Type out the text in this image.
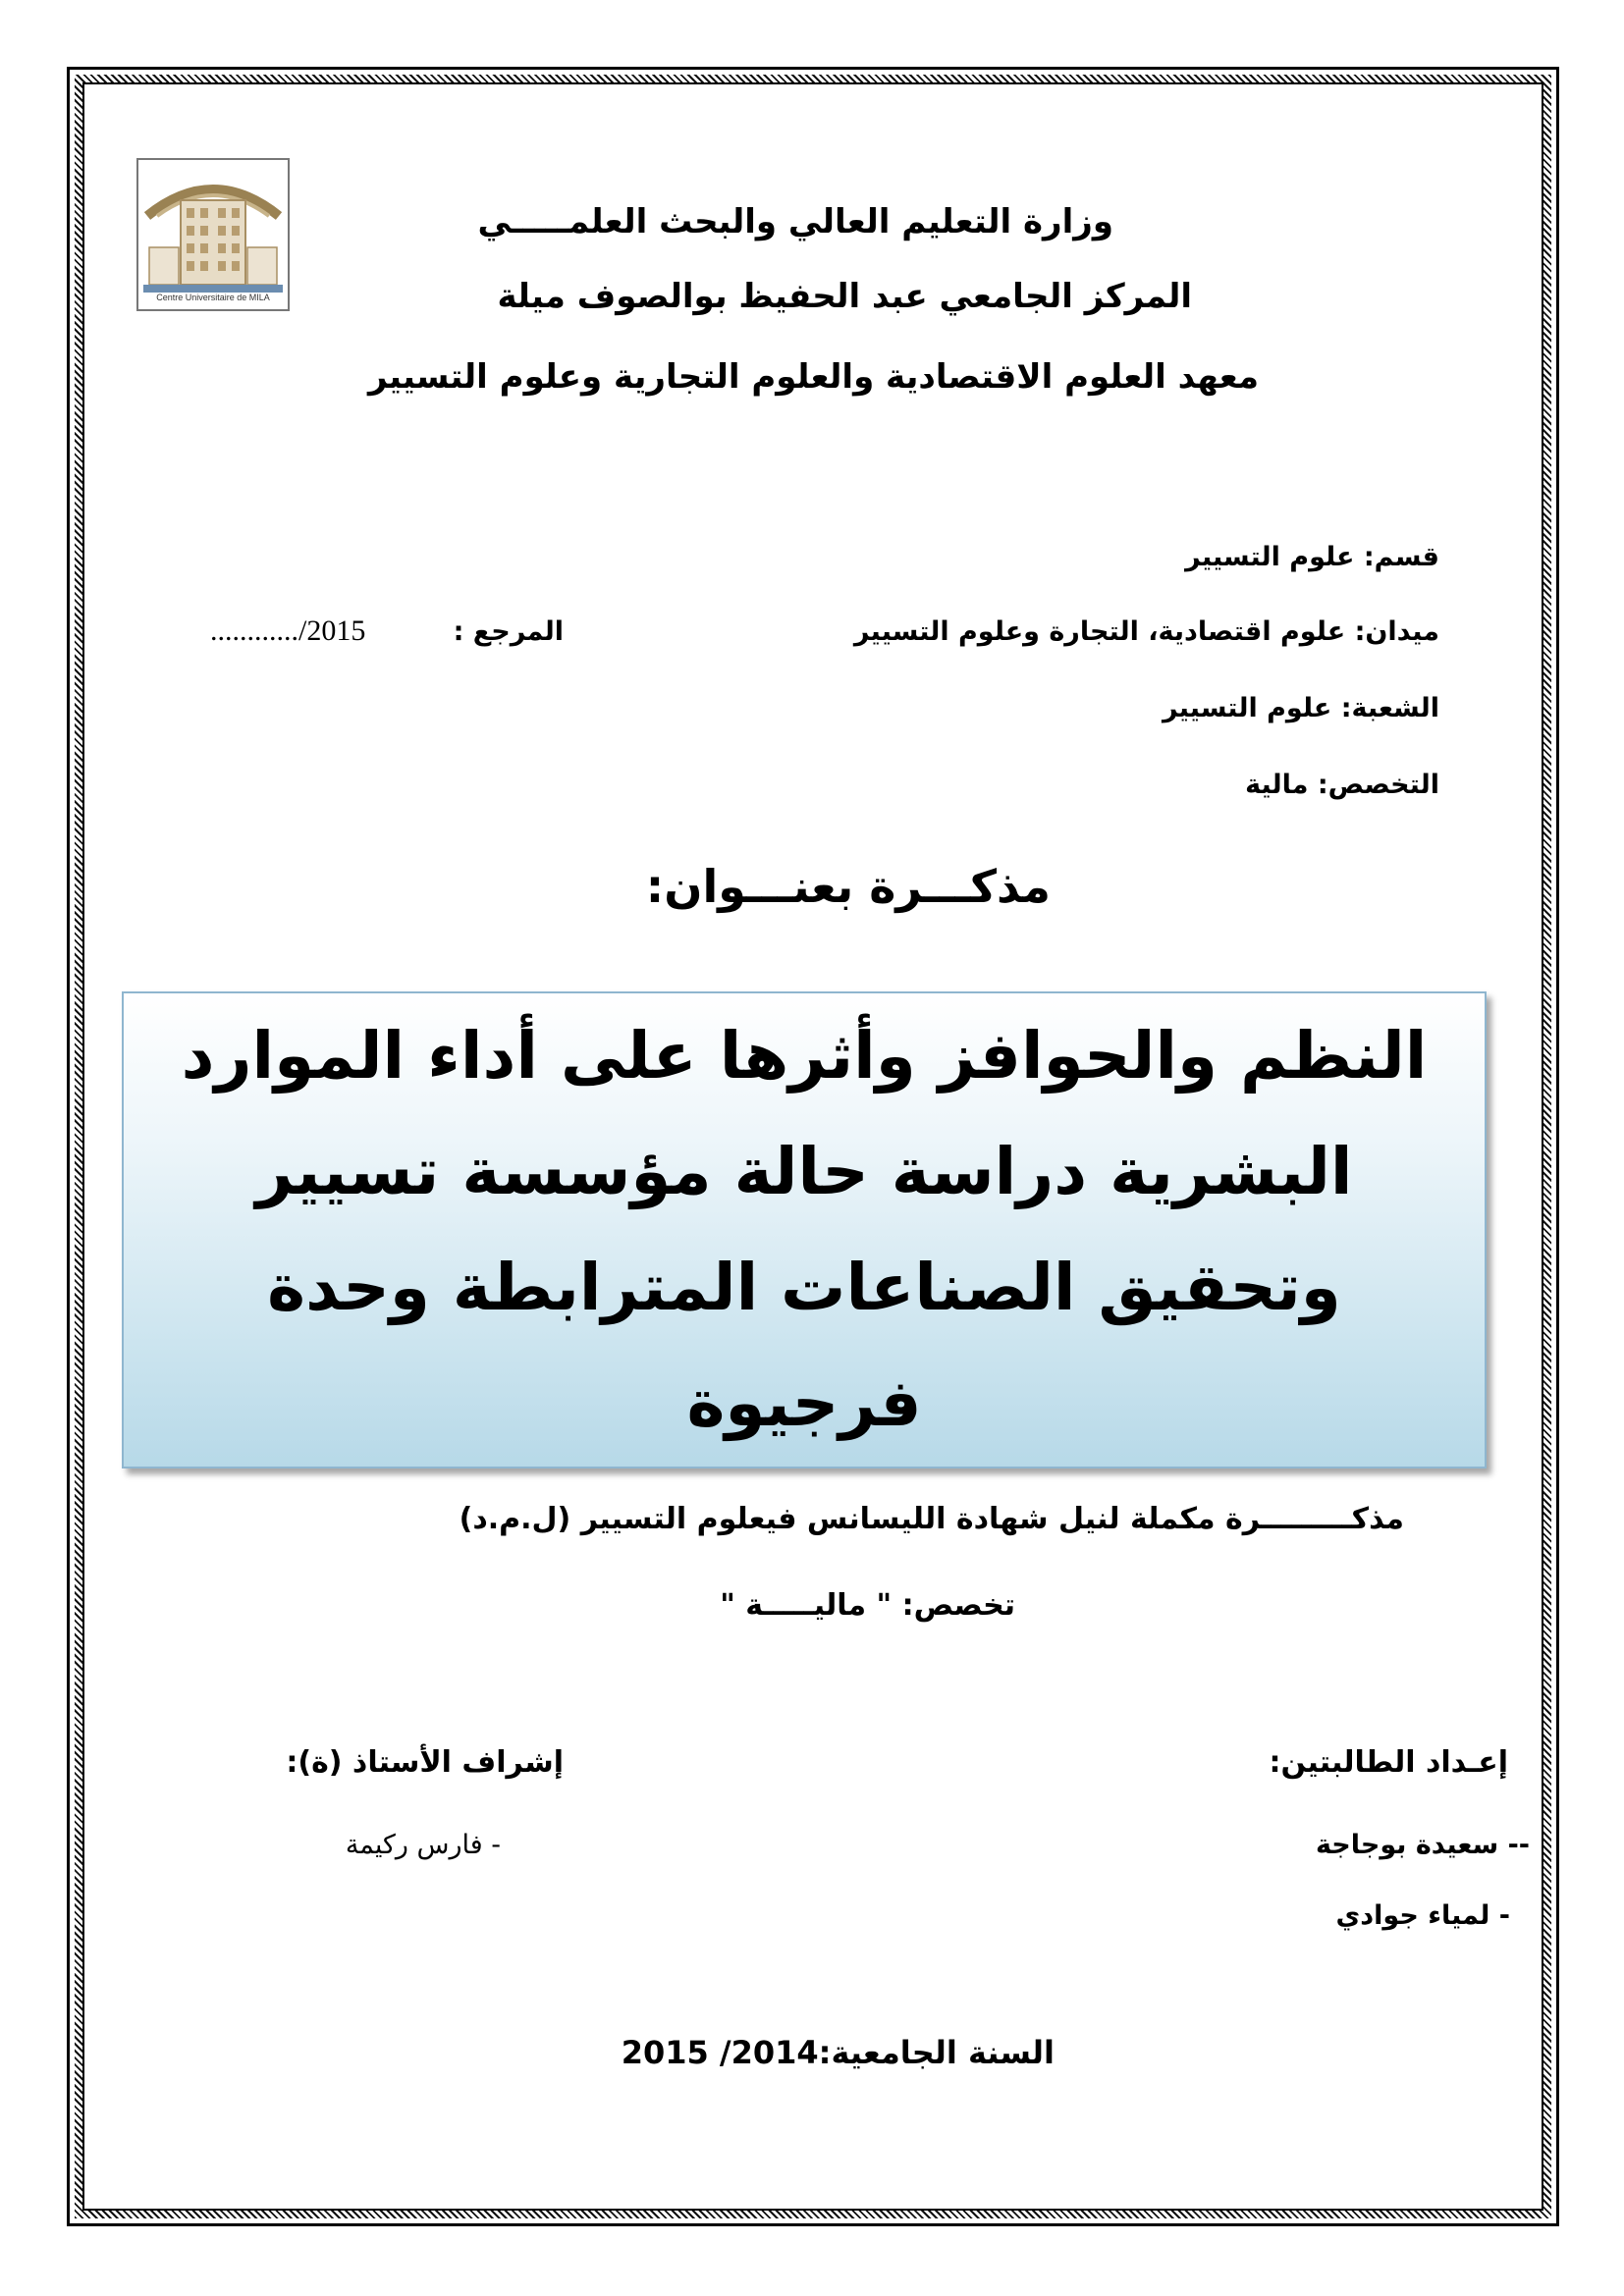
Centre Universitaire de MILA
وزارة التعليم العالي والبحث العلمـــــي
المركز الجامعي عبد الحفيظ بوالصوف ميلة
معهد العلوم الاقتصادية والعلوم التجارية وعلوم التسيير
قسم: علوم التسيير
ميدان: علوم اقتصادية، التجارة وعلوم التسيير
المرجع :
............/2015
الشعبة: علوم التسيير
التخصص: مالية
مذكـــرة بعنـــوان:
النظم والحوافز وأثرها على أداء الموارد البشرية دراسة حالة مؤسسة تسيير وتحقيق الصناعات المترابطة وحدة فرجيوة
مذكـــــــــرة مكملة لنيل شهادة الليسانس فيعلوم التسيير (ل.م.د)
تخصص: " ماليـــــة "
إعـداد الطالبتين:
-- سعيدة بوجاجة
- لمياء جوادي
إشراف الأستاذ (ة):
- فارس ركيمة
السنة الجامعية:2014/ 2015
